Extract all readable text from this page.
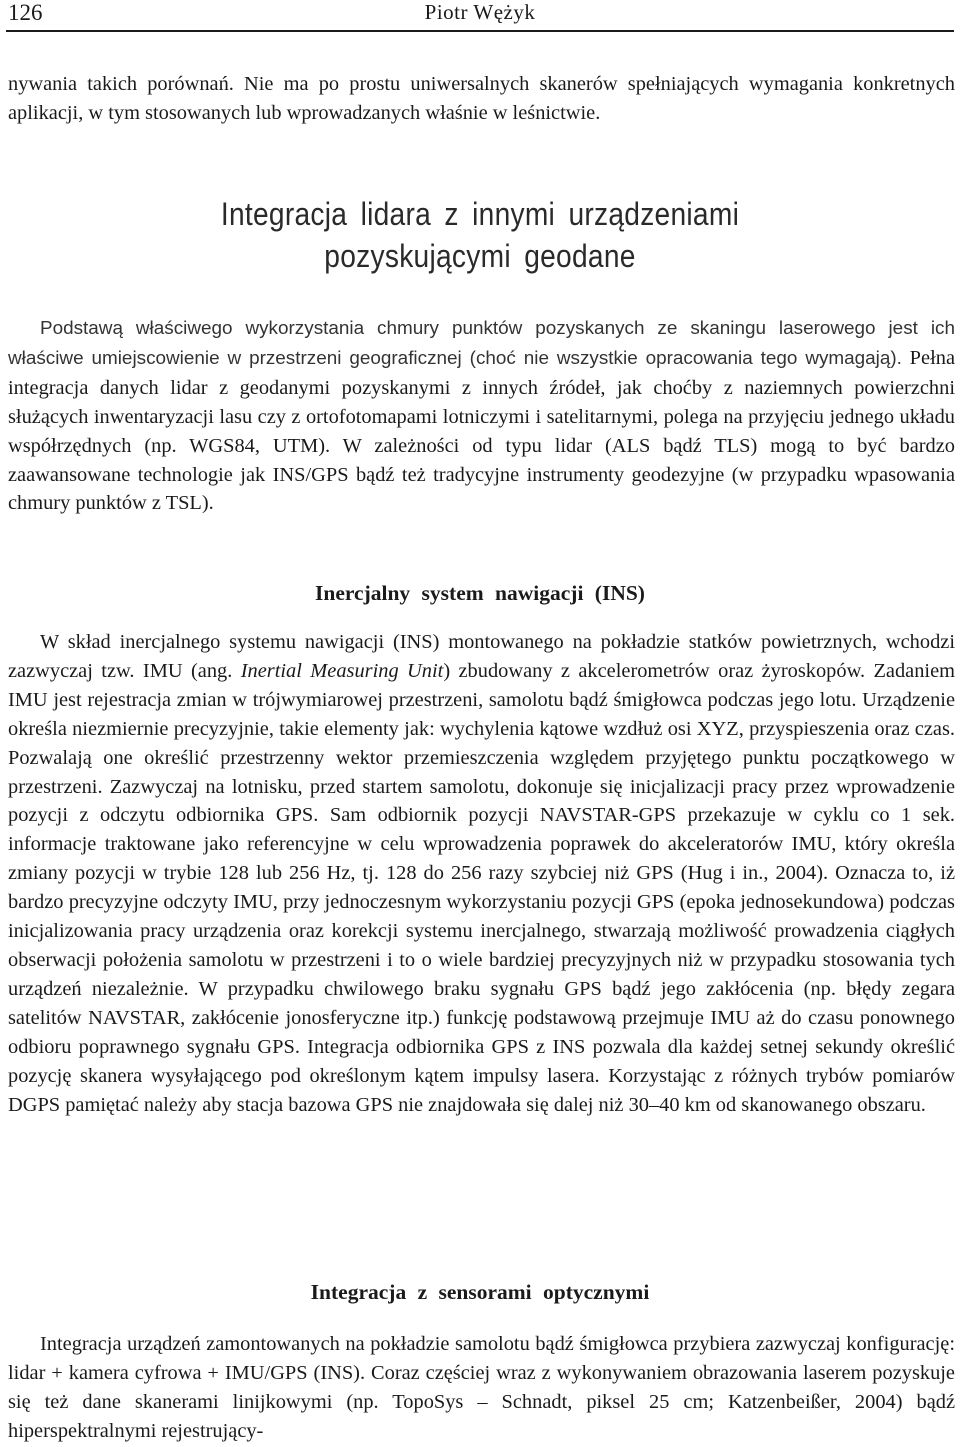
126	Piotr Wężyk

nywania takich porównań. Nie ma po prostu uniwersalnych skanerów spełniających wymagania konkretnych aplikacji, w tym stosowanych lub wprowadzanych właśnie w leśnictwie.

Integracja lidara z innymi urządzeniami
pozyskującymi geodane

Podstawą właściwego wykorzystania chmury punktów pozyskanych ze skaningu laserowego jest ich właściwe umiejscowienie w przestrzeni geograficznej (choć nie wszystkie opracowania tego wymagają). Pełna integracja danych lidar z geodanymi pozyskanymi z innych źródeł, jak choćby z naziemnych powierzchni służących inwentaryzacji lasu czy z ortofotomapami lotniczymi i satelitarnymi, polega na przyjęciu jednego układu współrzędnych (np. WGS84, UTM). W zależności od typu lidar (ALS bądź TLS) mogą to być bardzo zaawansowane technologie jak INS/GPS bądź też tradycyjne instrumenty geodezyjne (w przypadku wpasowania chmury punktów z TSL).

Inercjalny system nawigacji (INS)

W skład inercjalnego systemu nawigacji (INS) montowanego na pokładzie statków powietrznych, wchodzi zazwyczaj tzw. IMU (ang. Inertial Measuring Unit) zbudowany z akcelerometrów oraz żyroskopów. Zadaniem IMU jest rejestracja zmian w trójwymiarowej przestrzeni, samolotu bądź śmigłowca podczas jego lotu. Urządzenie określa niezmiernie precyzyjnie, takie elementy jak: wychylenia kątowe wzdłuż osi XYZ, przyspieszenia oraz czas. Pozwalają one określić przestrzenny wektor przemieszczenia względem przyjętego punktu początkowego w przestrzeni. Zazwyczaj na lotnisku, przed startem samolotu, dokonuje się inicjalizacji pracy przez wprowadzenie pozycji z odczytu odbiornika GPS. Sam odbiornik pozycji NAVSTAR-GPS przekazuje w cyklu co 1 sek. informacje traktowane jako referencyjne w celu wprowadzenia poprawek do akceleratorów IMU, który określa zmiany pozycji w trybie 128 lub 256 Hz, tj. 128 do 256 razy szybciej niż GPS (Hug i in., 2004). Oznacza to, iż bardzo precyzyjne odczyty IMU, przy jednoczesnym wykorzystaniu pozycji GPS (epoka jednosekundowa) podczas inicjalizowania pracy urządzenia oraz korekcji systemu inercjalnego, stwarzają możliwość prowadzenia ciągłych obserwacji położenia samolotu w przestrzeni i to o wiele bardziej precyzyjnych niż w przypadku stosowania tych urządzeń niezależnie. W przypadku chwilowego braku sygnału GPS bądź jego zakłócenia (np. błędy zegara satelitów NAVSTAR, zakłócenie jonosferyczne itp.) funkcję podstawową przejmuje IMU aż do czasu ponownego odbioru poprawnego sygnału GPS. Integracja odbiornika GPS z INS pozwala dla każdej setnej sekundy określić pozycję skanera wysyłającego pod określonym kątem impulsy lasera. Korzystając z różnych trybów pomiarów DGPS pamiętać należy aby stacja bazowa GPS nie znajdowała się dalej niż 30–40 km od skanowanego obszaru.

Integracja z sensorami optycznymi

Integracja urządzeń zamontowanych na pokładzie samolotu bądź śmigłowca przybiera zazwyczaj konfigurację: lidar + kamera cyfrowa + IMU/GPS (INS). Coraz częściej wraz z wykonywaniem obrazowania laserem pozyskuje się też dane skanerami linijkowymi (np. TopoSys – Schnadt, piksel 25 cm; Katzenbeißer, 2004) bądź hiperspektralnymi rejestrujący-
